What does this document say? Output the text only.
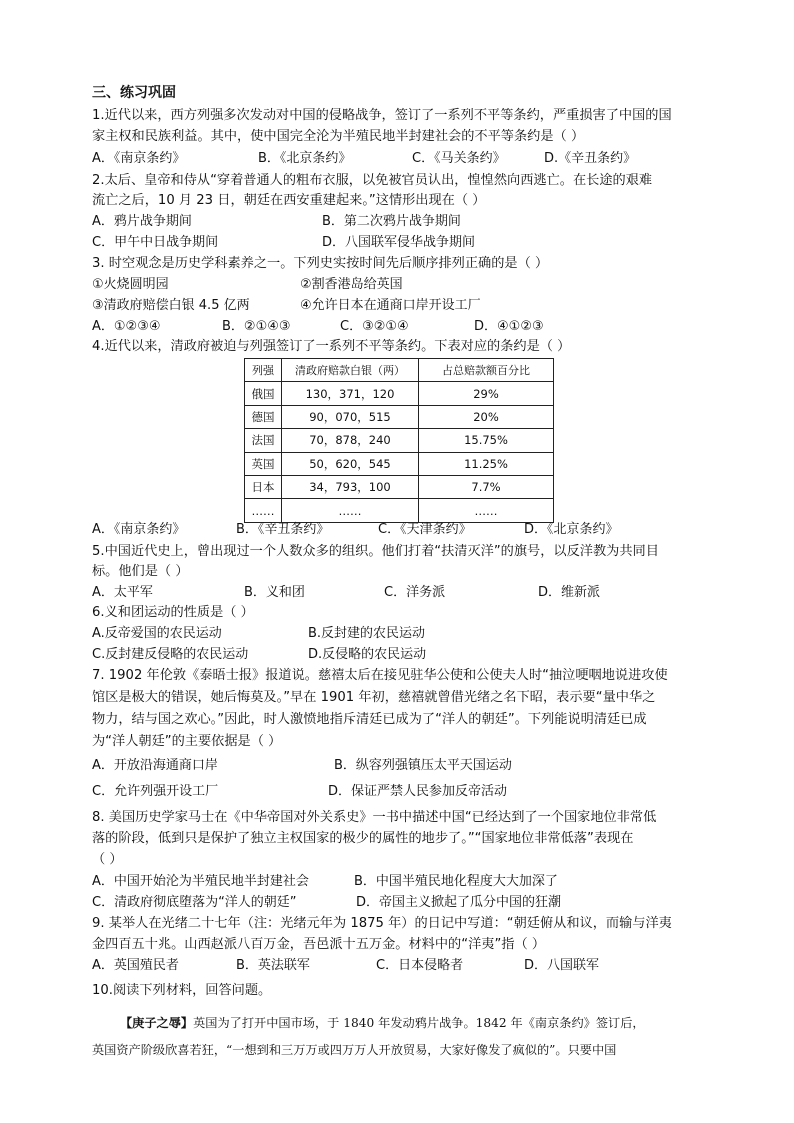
三、练习巩固
1.近代以来，西方列强多次发动对中国的侵略战争，签订了一系列不平等条约，严重损害了中国的国
家主权和民族利益。其中，使中国完全沦为半殖民地半封建社会的不平等条约是（ ）
A．《南京条约》	B．《北京条约》	C．《马关条约》	D.《辛丑条约》
2.太后、皇帝和侍从“穿着普通人的粗布衣服，以免被官员认出，惶惶然向西逃亡。在长途的艰难
流亡之后，10 月 23 日，朝廷在西安重建起来。”这情形出现在（ ）
A．鸦片战争期间	B．第二次鸦片战争期间
C．甲午中日战争期间	D．八国联军侵华战争期间
3. 时空观念是历史学科素养之一。下列史实按时间先后顺序排列正确的是（ ）
①火烧圆明园	②割香港岛给英国
③清政府赔偿白银 4.5 亿两	④允许日本在通商口岸开设工厂
A．①②③④	B．②①④③	C．③②①④	D．④①②③
4.近代以来，清政府被迫与列强签订了一系列不平等条约。下表对应的条约是（ ）
列强	清政府赔款白银（两）	占总赔款额百分比
俄国	130，371，120	29%
德国	90，070，515	20%
法国	70，878，240	15.75%
英国	50，620，545	11.25%
日本	34，793，100	7.7%
……	……	……
A．《南京条约》	B．《辛丑条约》	C．《天津条约》	D．《北京条约》
5.中国近代史上，曾出现过一个人数众多的组织。他们打着“扶清灭洋”的旗号，以反洋教为共同目
标。他们是（ ）
A．太平军	B．义和团	C．洋务派	D．维新派
6.义和团运动的性质是（ ）
A.反帝爱国的农民运动	B.反封建的农民运动
C.反封建反侵略的农民运动	D.反侵略的农民运动
7. 1902 年伦敦《泰晤士报》报道说。慈禧太后在接见驻华公使和公使夫人时“抽泣哽咽地说进攻使
馆区是极大的错误，她后悔莫及。”早在 1901 年初，慈禧就曾借光绪之名下昭，表示要“量中华之
物力，结与国之欢心。”因此，时人激愤地指斥清廷已成为了“洋人的朝廷”。下列能说明清廷已成
为“洋人朝廷”的主要依据是（ ）
A．开放沿海通商口岸	B．纵容列强镇压太平天国运动
C．允许列强开设工厂	D．保证严禁人民参加反帝活动
8. 美国历史学家马士在《中华帝国对外关系史》一书中描述中国“已经达到了一个国家地位非常低
落的阶段，低到只是保护了独立主权国家的极少的属性的地步了。”“国家地位非常低落”表现在
（ ）
A．中国开始沦为半殖民地半封建社会	B．中国半殖民地化程度大大加深了
C．清政府彻底堕落为“洋人的朝廷”	D．帝国主义掀起了瓜分中国的狂潮
9. 某举人在光绪二十七年（注：光绪元年为 1875 年）的日记中写道：“朝廷俯从和议，而输与洋夷
金四百五十兆。山西赵派八百万金，吾邑派十五万金。材料中的“洋夷”指（ ）
A．英国殖民者	B．英法联军	C．日本侵略者	D．八国联军
10.阅读下列材料，回答问题。
【庚子之辱】英国为了打开中国市场，于 1840 年发动鸦片战争。1842 年《南京条约》签订后，
英国资产阶级欣喜若狂，“一想到和三万万或四万万人开放贸易，大家好像发了疯似的”。只要中国
